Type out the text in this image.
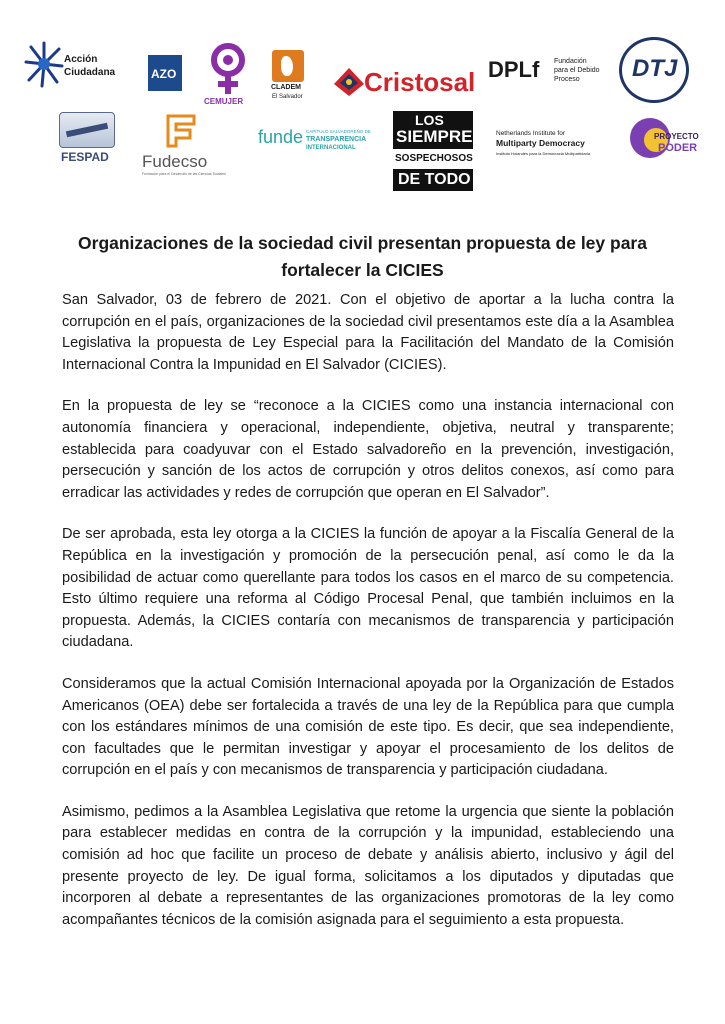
Acción
Ciudadana	AZO
CEMUJER
CLADEM
El Salvador Cristosal DPLf Fundación
para el Debido
Proceso DTJ
FESPAD Fudecso
Fundación para el Desarrollo de las Ciencias Sociales
funde CAPÍTULO SALVADOREÑO DE
TRANSPARENCIA
INTERNACIONAL
LOS
SIEMPRE
SOSPECHOSOS
DE TODO
Netherlands Institute for
Multiparty Democracy
Instituto Holandés para la Democracia Multipartidaria
PROYECTO
PODER
Organizaciones de la sociedad civil presentan propuesta de ley para
fortalecer la CICIES

San Salvador, 03 de febrero de 2021. Con el objetivo de aportar a la lucha contra la corrupción en el país, organizaciones de la sociedad civil presentamos este día a la Asamblea Legislativa la propuesta de Ley Especial para la Facilitación del Mandato de la Comisión Internacional Contra la Impunidad en El Salvador (CICIES).

En la propuesta de ley se “reconoce a la CICIES como una instancia internacional con autonomía financiera y operacional, independiente, objetiva, neutral y transparente; establecida para coadyuvar con el Estado salvadoreño en la prevención, investigación, persecución y sanción de los actos de corrupción y otros delitos conexos, así como para erradicar las actividades y redes de corrupción que operan en El Salvador”.

De ser aprobada, esta ley otorga a la CICIES la función de apoyar a la Fiscalía General de la República en la investigación y promoción de la persecución penal, así como le da la posibilidad de actuar como querellante para todos los casos en el marco de su competencia. Esto último requiere una reforma al Código Procesal Penal, que también incluimos en la propuesta. Además, la CICIES contaría con mecanismos de transparencia y participación ciudadana.

Consideramos que la actual Comisión Internacional apoyada por la Organización de Estados Americanos (OEA) debe ser fortalecida a través de una ley de la República para que cumpla con los estándares mínimos de una comisión de este tipo. Es decir, que sea independiente, con facultades que le permitan investigar y apoyar el procesamiento de los delitos de corrupción en el país y con mecanismos de transparencia y participación ciudadana.

Asimismo, pedimos a la Asamblea Legislativa que retome la urgencia que siente la población para establecer medidas en contra de la corrupción y la impunidad, estableciendo una comisión ad hoc que facilite un proceso de debate y análisis abierto, inclusivo y ágil del presente proyecto de ley. De igual forma, solicitamos a los diputados y diputadas que incorporen al debate a representantes de las organizaciones promotoras de la ley como acompañantes técnicos de la comisión asignada para el seguimiento a esta propuesta.
